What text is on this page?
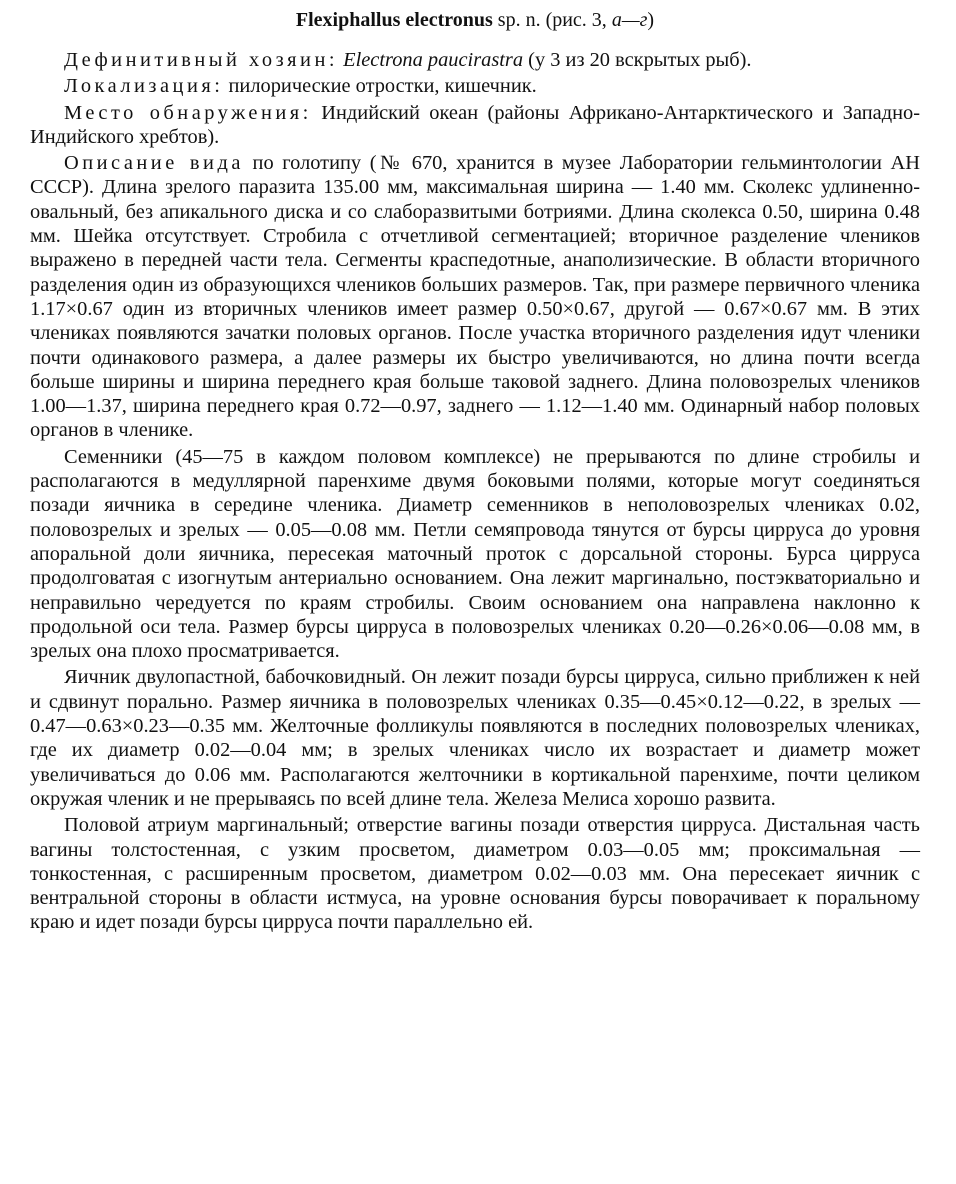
Flexiphallus electronus sp. n. (рис. 3, а—г)

Дефинитивный хозяин: Electrona paucirastra (у 3 из 20 вскрытых рыб).

Локализация: пилорические отростки, кишечник.

Место обнаружения: Индийский океан (районы Африкано-Антарктического и Западно-Индийского хребтов).

Описание вида по голотипу (№ 670, хранится в музее Лаборатории гельминтологии АН СССР). Длина зрелого паразита 135.00 мм, максимальная ширина — 1.40 мм. Сколекс удлиненно-овальный, без апикального диска и со слаборазвитыми ботриями. Длина сколекса 0.50, ширина 0.48 мм. Шейка отсутствует. Стробила с отчетливой сегментацией; вторичное разделение члеников выражено в передней части тела. Сегменты краспедотные, анаполизические. В области вторичного разделения один из образующихся члеников больших размеров. Так, при размере первичного членика 1.17×0.67 один из вторичных члеников имеет размер 0.50×0.67, другой — 0.67×0.67 мм. В этих члениках появляются зачатки половых органов. После участка вторичного разделения идут членики почти одинакового размера, а далее размеры их быстро увеличиваются, но длина почти всегда больше ширины и ширина переднего края больше таковой заднего. Длина половозрелых члеников 1.00—1.37, ширина переднего края 0.72—0.97, заднего — 1.12—1.40 мм. Одинарный набор половых органов в членике.

Семенники (45—75 в каждом половом комплексе) не прерываются по длине стробилы и располагаются в медуллярной паренхиме двумя боковыми полями, которые могут соединяться позади яичника в середине членика. Диаметр семенников в неполовозрелых члениках 0.02, половозрелых и зрелых — 0.05—0.08 мм. Петли семяпровода тянутся от бурсы цирруса до уровня апоральной доли яичника, пересекая маточный проток с дорсальной стороны. Бурса цирруса продолговатая с изогнутым антериально основанием. Она лежит маргинально, постэкваториально и неправильно чередуется по краям стробилы. Своим основанием она направлена наклонно к продольной оси тела. Размер бурсы цирруса в половозрелых члениках 0.20—0.26×0.06—0.08 мм, в зрелых она плохо просматривается.

Яичник двулопастной, бабочковидный. Он лежит позади бурсы цирруса, сильно приближен к ней и сдвинут порально. Размер яичника в половозрелых члениках 0.35—0.45×0.12—0.22, в зрелых — 0.47—0.63×0.23—0.35 мм. Желточные фолликулы появляются в последних половозрелых члениках, где их диаметр 0.02—0.04 мм; в зрелых члениках число их возрастает и диаметр может увеличиваться до 0.06 мм. Располагаются желточники в кортикальной паренхиме, почти целиком окружая членик и не прерываясь по всей длине тела. Железа Мелиса хорошо развита.

Половой атриум маргинальный; отверстие вагины позади отверстия цирруса. Дистальная часть вагины толстостенная, с узким просветом, диаметром 0.03—0.05 мм; проксимальная — тонкостенная, с расширенным просветом, диаметром 0.02—0.03 мм. Она пересекает яичник с вентральной стороны в области истмуса, на уровне основания бурсы поворачивает к поральному краю и идет позади бурсы цирруса почти параллельно ей.
